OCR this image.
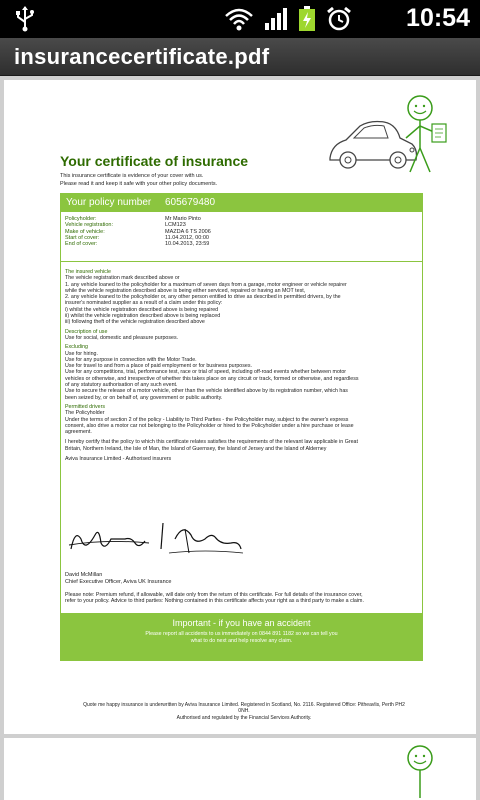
10:54
insurancecertificate.pdf
Your certificate of insurance

This insurance certificate is evidence of your cover with us.

Please read it and keep it safe with your other policy documents.

Your policy number 605679480
Policyholder:	Mr Mario Pinto
Vehicle registration:	LCM123
Make of vehicle:	MAZDA 6 TS 2006
Start of cover:	11.04.2012, 00:00
End of cover:	10.04.2013, 23:59

The insured vehicle

The vehicle registration mark described above or

1. any vehicle loaned to the policyholder for a maximum of seven days from a garage, motor engineer or vehicle repairer

while the vehicle registration described above is being either serviced, repaired or having an MOT test,

2. any vehicle loaned to the policyholder or, any other person entitled to drive as described in permitted drivers, by the

insurer's nominated supplier as a result of a claim under this policy:

i) whilst the vehicle registration described above is being repaired

ii) whilst the vehicle registration described above is being replaced

iii) following theft of the vehicle registration described above

Description of use

Use for social, domestic and pleasure purposes.

Excluding

Use for hiring.

Use for any purpose in connection with the Motor Trade.

Use for travel to and from a place of paid employment or for business purposes.

Use for any competitions, trial, performance test, race or trial of speed, including off-road events whether between motor

vehicles or otherwise, and irrespective of whether this takes place on any circuit or track, formed or otherwise, and regardless

of any statutory authorisation of any such event.

Use to secure the release of a motor vehicle, other than the vehicle identified above by its registration number, which has

been seized by, or on behalf of, any government or public authority.

Permitted drivers

The Policyholder

Under the terms of section 2 of the policy - Liability to Third Parties - the Policyholder may, subject to the owner's express

consent, also drive a motor car not belonging to the Policyholder or hired to the Policyholder under a hire purchase or lease

agreement.

I hereby certify that the policy to which this certificate relates satisfies the requirements of the relevant law applicable in Great

Britain, Northern Ireland, the Isle of Man, the Island of Guernsey, the Island of Jersey and the Island of Alderney

Aviva Insurance Limited - Authorised insurers

David McMillan

Chief Executive Officer, Aviva UK Insurance

Please note: Premium refund, if allowable, will date only from the return of this certificate. For full details of the insurance cover,

refer to your policy. Advice to third parties: Nothing contained in this certificate affects your right as a third party to make a claim.

Important - if you have an accident

Please report all accidents to us immediately on 0844 891 1182 so we can tell you

what to do next and help resolve any claim.

Quote me happy insurance is underwritten by Aviva Insurance Limited. Registered in Scotland, No. 2116. Registered Office: Pitheavlis, Perth PH2

0NH.

Authorised and regulated by the Financial Services Authority.
